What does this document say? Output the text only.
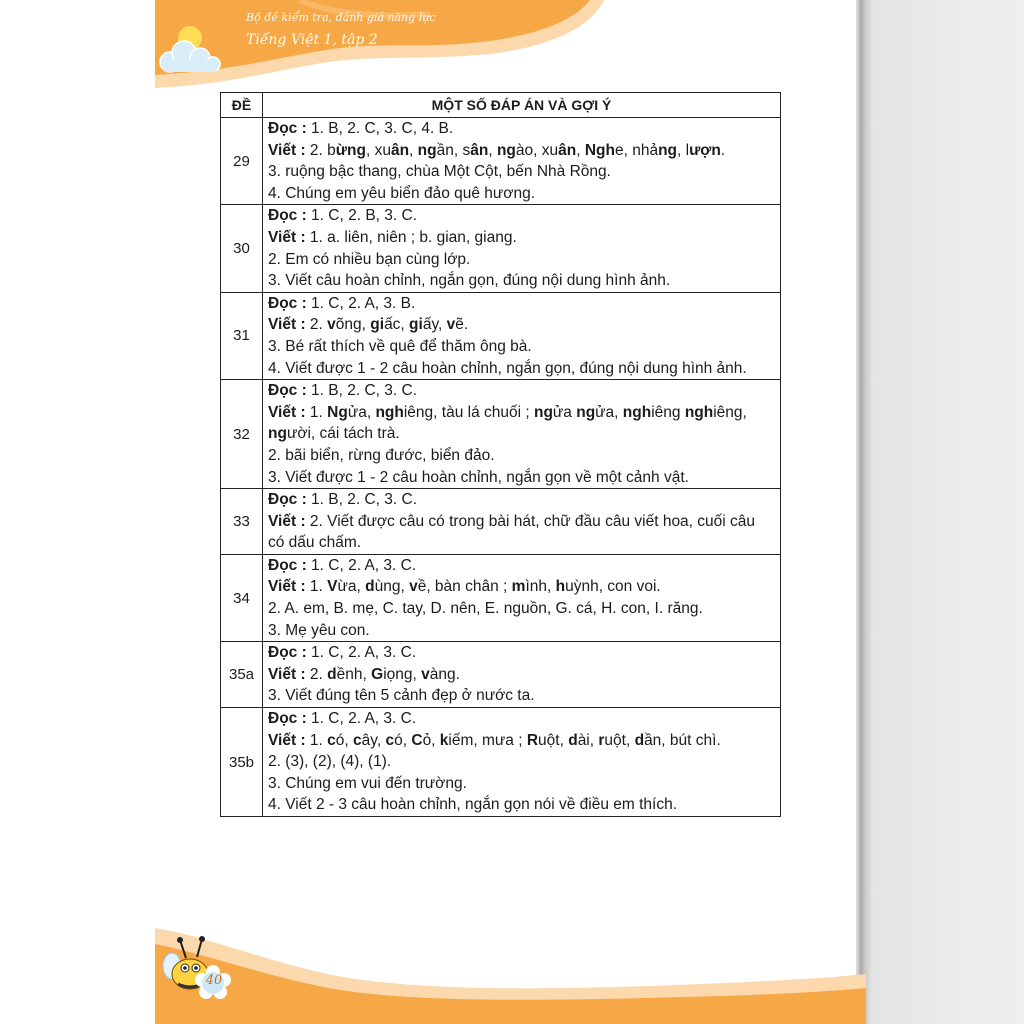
Bộ đề kiểm tra, đánh giá năng lực
Tiếng Việt 1, tập 2
ĐỀ	MỘT SỐ ĐÁP ÁN VÀ GỢI Ý
29	Đọc : 1. B, 2. C, 3. C, 4. B.
Viết : 2. bừng, xuân, ngần, sân, ngào, xuân, Nghe, nhảng, lượn.
3. ruộng bậc thang, chùa Một Cột, bến Nhà Rồng.
4. Chúng em yêu biển đảo quê hương.

30	Đọc : 1. C, 2. B, 3. C.
Viết : 1. a. liên, niên ; b. gian, giang.
2. Em có nhiều bạn cùng lớp.
3. Viết câu hoàn chỉnh, ngắn gọn, đúng nội dung hình ảnh.

31	Đọc : 1. C, 2. A, 3. B.
Viết : 2. võng, giấc, giấy, vẽ.
3. Bé rất thích về quê để thăm ông bà.
4. Viết được 1 - 2 câu hoàn chỉnh, ngắn gọn, đúng nội dung hình ảnh.

32	Đọc : 1. B, 2. C, 3. C.
Viết : 1. Ngửa, nghiêng, tàu lá chuối ; ngửa ngửa, nghiêng nghiêng,
người, cái tách trà.
2. bãi biển, rừng đước, biển đảo.
3. Viết được 1 - 2 câu hoàn chỉnh, ngắn gọn về một cảnh vật.

33	Đọc : 1. B, 2. C, 3. C.
Viết : 2. Viết được câu có trong bài hát, chữ đầu câu viết hoa, cuối câu
có dấu chấm.

34	Đọc : 1. C, 2. A, 3. C.
Viết : 1. Vừa, dùng, về, bàn chân ; mình, huỳnh, con voi.
2. A. em, B. mẹ, C. tay, D. nên, E. nguồn, G. cá, H. con, I. răng.
3. Mẹ yêu con.

35a	Đọc : 1. C, 2. A, 3. C.
Viết : 2. dềnh, Giọng, vàng.
3. Viết đúng tên 5 cảnh đẹp ở nước ta.

35b	Đọc : 1. C, 2. A, 3. C.
Viết : 1. có, cây, có, Cỏ, kiếm, mưa ; Ruột, dài, ruột, dần, bút chì.
2. (3), (2), (4), (1).
3. Chúng em vui đến trường.
4. Viết 2 - 3 câu hoàn chỉnh, ngắn gọn nói về điều em thích.
40
